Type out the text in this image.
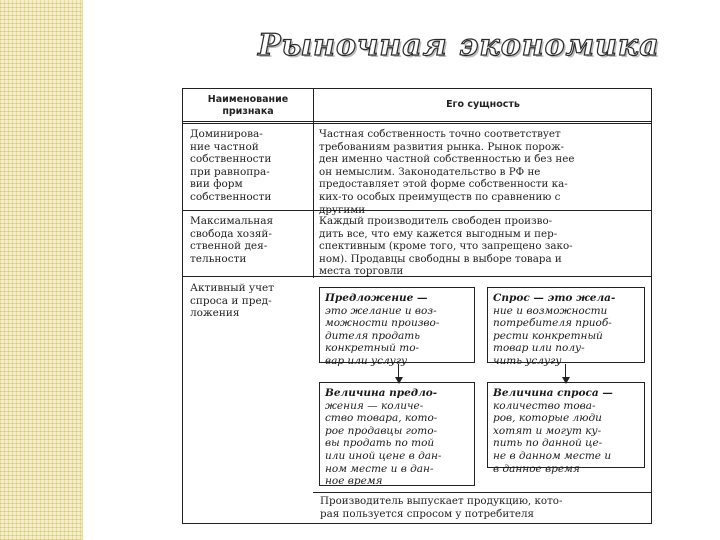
Рыночная экономика
Наименование
признака
Его сущность
Доминирова-
ние частной
собственности
при равнопра-
вии форм
собственности
Частная собственность точно соответствует
требованиям развития рынка. Рынок порож-
ден именно частной собственностью и без нее
он немыслим. Законодательство в РФ не
предоставляет этой форме собственности ка-
ких-то особых преимуществ по сравнению с
другими
Максимальная
свобода хозяй-
ственной дея-
тельности
Каждый производитель свободен произво-
дить все, что ему кажется выгодным и пер-
спективным (кроме того, что запрещено зако-
ном). Продавцы свободны в выборе товара и
места торговли
Активный учет
спроса и пред-
ложения
Предложение —
это желание и воз-
можности произво-
дителя продать
конкретный то-
вар или услугу
Спрос — это жела-
ние и возможности
потребителя приоб-
рести конкретный
товар или полу-
чить услугу
Величина предло-
жения — количе-
ство товара, кото-
рое продавцы гото-
вы продать по той
или иной цене в дан-
ном месте и в дан-
ное время
Величина спроса —
количество това-
ров, которые люди
хотят и могут ку-
пить по данной це-
не в данном месте и
в данное время
Производитель выпускает продукцию, кото-
рая пользуется спросом у потребителя
